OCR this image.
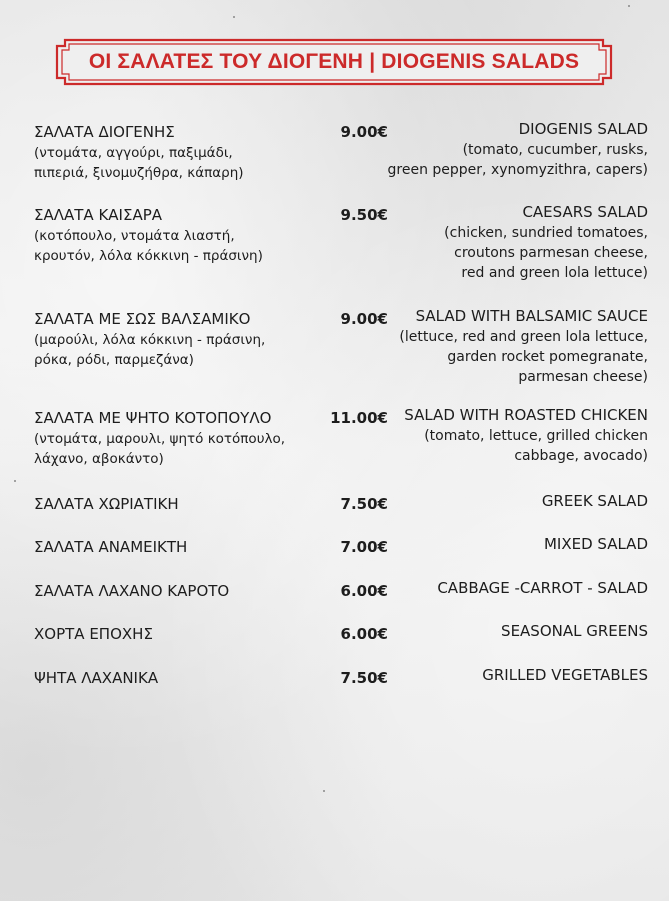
ΟΙ ΣΑΛΑΤΕΣ ΤΟΥ ΔΙΟΓΕΝΗ | DIOGENIS SALADS
ΣΑΛΑΤΑ ΔΙΟΓΕΝΗΣ
(ντομάτα, αγγούρι, παξιμάδι,
πιπεριά, ξινομυζήθρα, κάπαρη)
9.00€	DIOGENIS SALAD
(tomato, cucumber, rusks,
green pepper, xynomyzithra, capers)
ΣΑΛΑΤΑ ΚΑΙΣΑΡΑ
(κοτόπουλο, ντομάτα λιαστή,
κρουτόν, λόλα κόκκινη - πράσινη)
9.50€	CAESARS SALAD
(chicken, sundried tomatoes,
croutons parmesan cheese,
red and green lola lettuce)
ΣΑΛΑΤΑ ΜΕ ΣΩΣ ΒΑΛΣΑΜΙΚΟ
(μαρούλι, λόλα κόκκινη - πράσινη,
ρόκα, ρόδι, παρμεζάνα)
9.00€ SALAD WITH BALSAMIC SAUCE
(lettuce, red and green lola lettuce,
garden rocket pomegranate,
parmesan cheese)
ΣΑΛΑΤΑ ΜΕ ΨΗΤΟ ΚΟΤΟΠΟΥΛΟ
(ντομάτα, μαρουλι, ψητό κοτόπουλο,
λάχανο, αβοκάντο)
11.00€ SALAD WITH ROASTED CHICKEN
(tomato, lettuce, grilled chicken
cabbage, avocado)
ΣΑΛΑΤΑ ΧΩΡΙΑΤΙΚΗ	7.50€	GREEK SALAD
ΣΑΛΑΤΑ ΑΝΑΜΕΙΚΤΗ	7.00€	MIXED SALAD
ΣΑΛΑΤΑ ΛΑΧΑΝΟ ΚΑΡΟΤΟ	6.00€	CABBAGE -CARROT - SALAD
ΧΟΡΤΑ ΕΠΟΧΗΣ	6.00€	SEASONAL GREENS
ΨΗΤΑ ΛΑΧΑΝΙΚΑ	7.50€	GRILLED VEGETABLES
